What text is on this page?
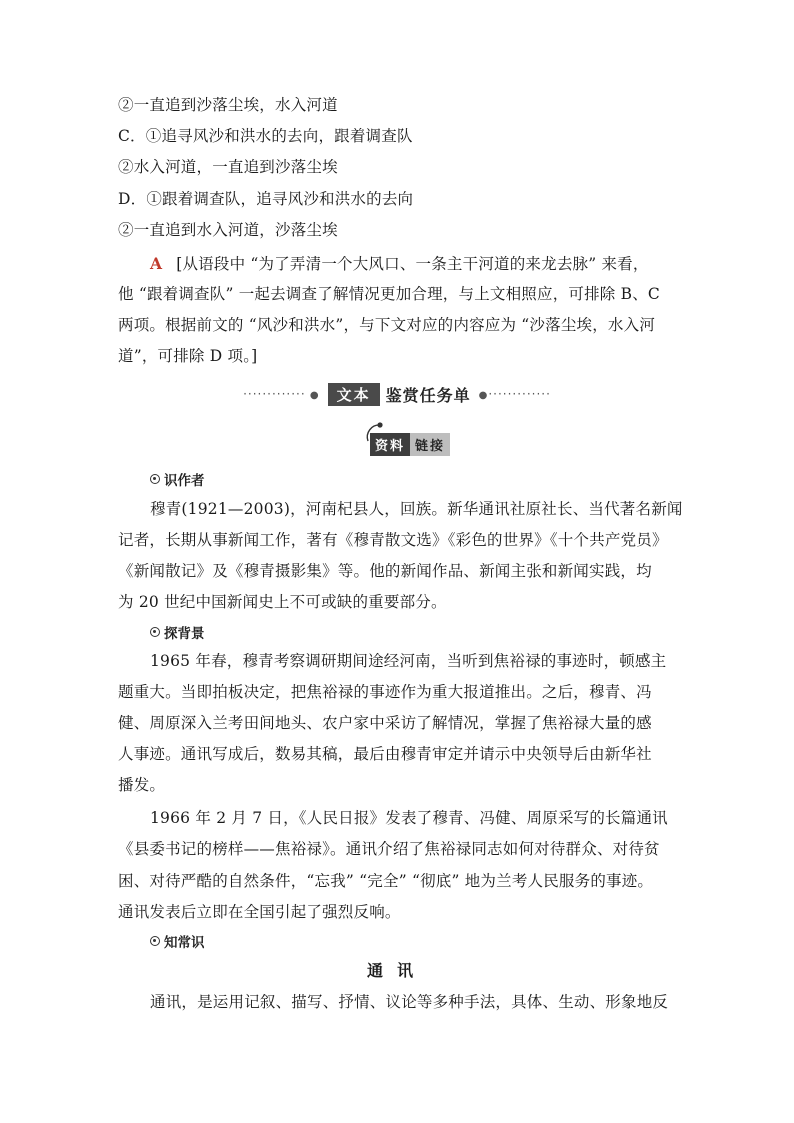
②一直追到沙落尘埃，水入河道
C．①追寻风沙和洪水的去向，跟着调查队
②水入河道，一直追到沙落尘埃
D．①跟着调查队，追寻风沙和洪水的去向
②一直追到水入河道，沙落尘埃
A [从语段中 “为了弄清一个大风口、一条主干河道的来龙去脉” 来看，
他 “跟着调查队” 一起去调查了解情况更加合理，与上文相照应，可排除 B、C
两项。根据前文的 “风沙和洪水”，与下文对应的内容应为 “沙落尘埃，水入河
道”，可排除 D 项。]
············· ●	文本 鉴赏任务单
●	·············
资料 链接
识作者
穆青(1921—2003)，河南杞县人，回族。新华通讯社原社长、当代著名新闻
记者，长期从事新闻工作，著有《穆青散文选》《彩色的世界》《十个共产党员》
《新闻散记》及《穆青摄影集》等。他的新闻作品、新闻主张和新闻实践，均
为 20 世纪中国新闻史上不可或缺的重要部分。
探背景
1965 年春，穆青考察调研期间途经河南，当听到焦裕禄的事迹时，顿感主
题重大。当即拍板决定，把焦裕禄的事迹作为重大报道推出。之后，穆青、冯
健、周原深入兰考田间地头、农户家中采访了解情况，掌握了焦裕禄大量的感
人事迹。通讯写成后，数易其稿，最后由穆青审定并请示中央领导后由新华社
播发。
1966 年 2 月 7 日，《人民日报》发表了穆青、冯健、周原采写的长篇通讯
《县委书记的榜样——焦裕禄》。通讯介绍了焦裕禄同志如何对待群众、对待贫
困、对待严酷的自然条件，“忘我” “完全” “彻底” 地为兰考人民服务的事迹。
通讯发表后立即在全国引起了强烈反响。
知常识
通讯
通讯，是运用记叙、描写、抒情、议论等多种手法，具体、生动、形象地反
